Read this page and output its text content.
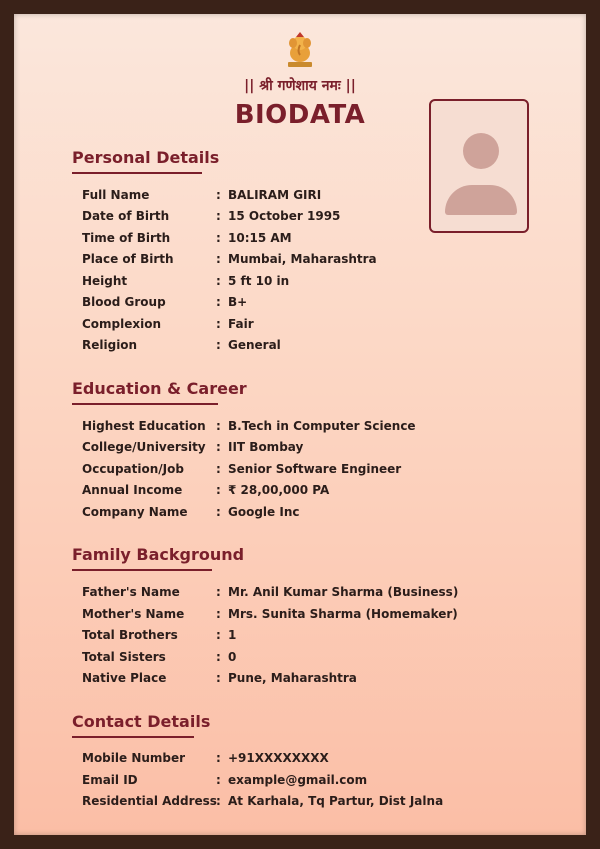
|| श्री गणेशाय नमः ||
BIODATA
Personal Details
Full Name	: BALIRAM GIRI
Date of Birth	: 15 October 1995
Time of Birth	: 10:15 AM
Place of Birth	: Mumbai, Maharashtra
Height	: 5 ft 10 in
Blood Group	: B+
Complexion	: Fair
Religion	: General
Education & Career
Highest Education : B.Tech in Computer Science
College/University : IIT Bombay
Occupation/Job	: Senior Software Engineer
Annual Income	: ₹ 28,00,000 PA
Company Name : Google Inc
Family Background
Father's Name	: Mr. Anil Kumar Sharma (Business)
Mother's Name	: Mrs. Sunita Sharma (Homemaker)
Total Brothers	: 1
Total Sisters	: 0
Native Place	: Pune, Maharashtra
Contact Details
Mobile Number	: +91XXXXXXXX
Email ID	: example@gmail.com
Residential Address : At Karhala, Tq Partur, Dist Jalna
